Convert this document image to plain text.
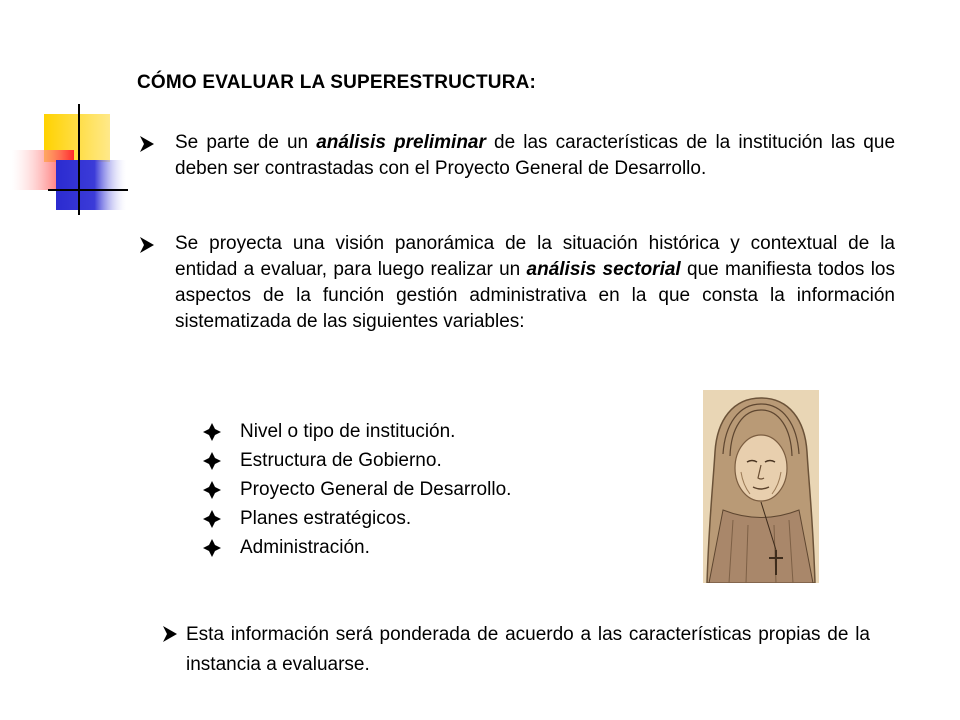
CÓMO EVALUAR LA SUPERESTRUCTURA:

Se parte de un análisis preliminar de las características de la institución las que deben ser contrastadas con el Proyecto General de Desarrollo.

Se proyecta una visión panorámica de la situación histórica y contextual de la entidad a evaluar, para luego realizar un análisis sectorial que manifiesta todos los aspectos de la función gestión administrativa en la que consta la información sistematizada de las siguientes variables:

Nivel o tipo de institución.
Estructura de Gobierno.
Proyecto General de Desarrollo.
Planes estratégicos.
Administración.

Esta información será ponderada de acuerdo a las características propias de la instancia a evaluarse.
